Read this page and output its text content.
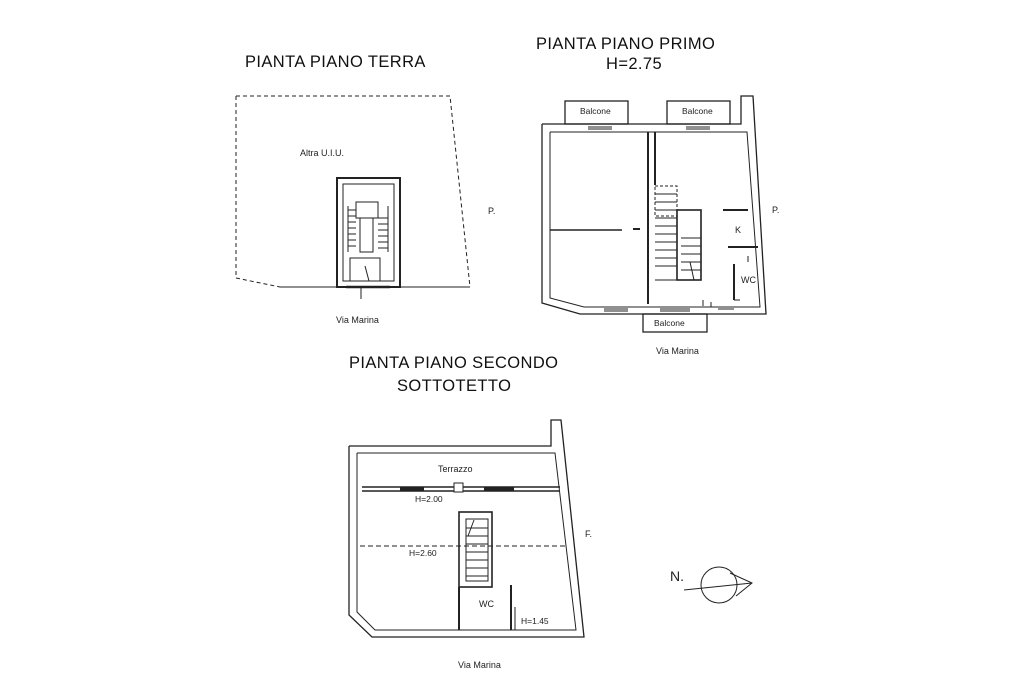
PIANTA PIANO TERRA
PIANTA PIANO PRIMO
H=2.75
PIANTA PIANO SECONDO
SOTTOTETTO
Altra U.I.U.
Via Marina
P.
Balcone	Balcone
Balcone
K
WC
Via Marina
P.
Terrazzo
H=2.00
H=2.60
WC
H=1.45
Via Marina
F.
N.
